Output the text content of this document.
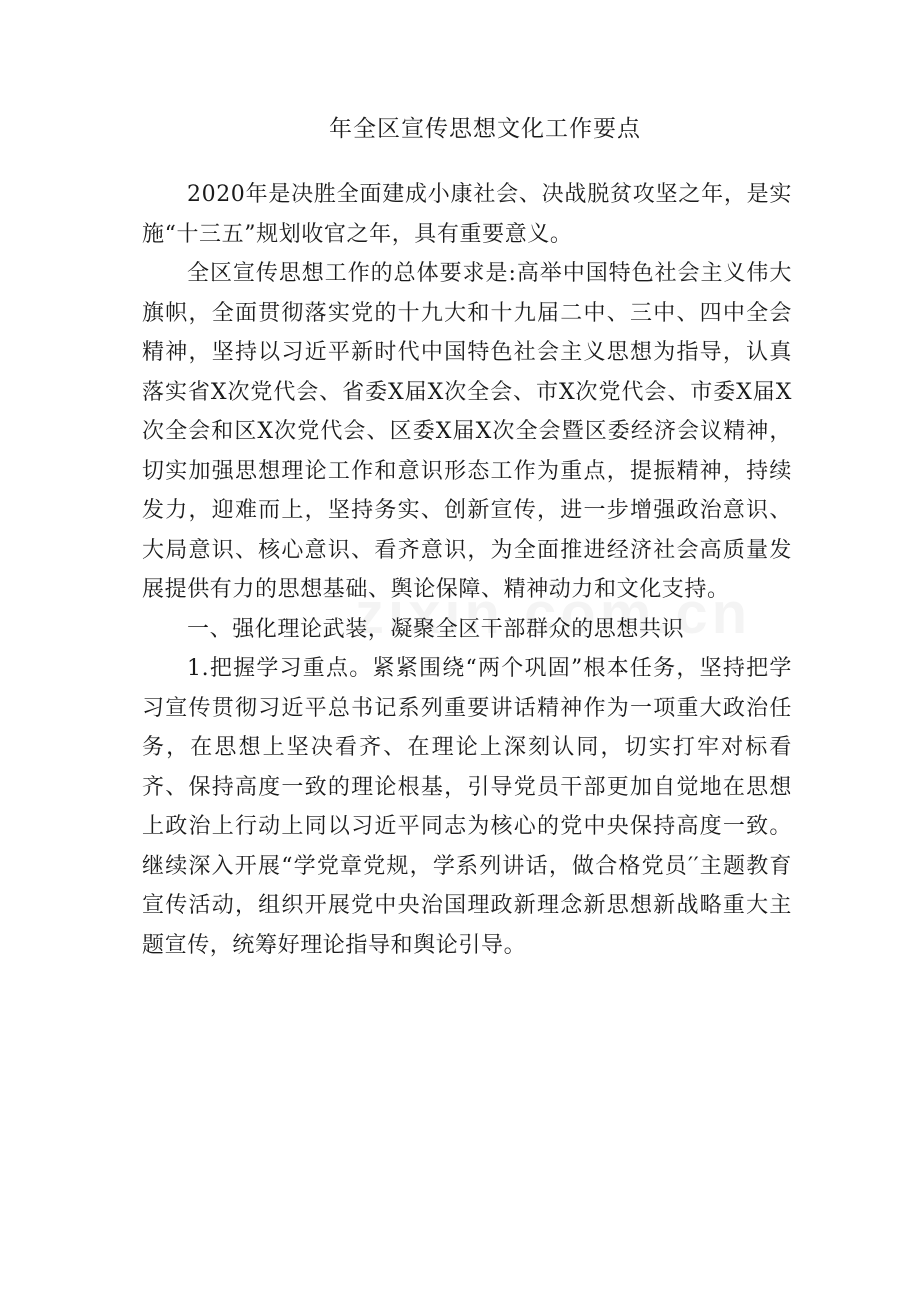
年全区宣传思想文化工作要点

2020年是决胜全面建成小康社会、决战脱贫攻坚之年，是实施“十三五”规划收官之年，具有重要意义。

全区宣传思想工作的总体要求是:高举中国特色社会主义伟大旗帜，全面贯彻落实党的十九大和十九届二中、三中、四中全会精神，坚持以习近平新时代中国特色社会主义思想为指导，认真落实省Ⅹ次党代会、省委Ⅹ届Ⅹ次全会、市Ⅹ次党代会、市委Ⅹ届Ⅹ次全会和区Ⅹ次党代会、区委Ⅹ届Ⅹ次全会暨区委经济会议精神，切实加强思想理论工作和意识形态工作为重点，提振精神，持续发力，迎难而上，坚持务实、创新宣传，进一步增强政治意识、大局意识、核心意识、看齐意识，为全面推进经济社会高质量发展提供有力的思想基础、舆论保障、精神动力和文化支持。

一、强化理论武装，凝聚全区干部群众的思想共识

1.把握学习重点。紧紧围绕“两个巩固”根本任务，坚持把学习宣传贯彻习近平总书记系列重要讲话精神作为一项重大政治任务，在思想上坚决看齐、在理论上深刻认同，切实打牢对标看齐、保持高度一致的理论根基，引导党员干部更加自觉地在思想上政治上行动上同以习近平同志为核心的党中央保持高度一致。继续深入开展“学党章党规，学系列讲话，做合格党员′′主题教育宣传活动，组织开展党中央治国理政新理念新思想新战略重大主题宣传，统筹好理论指导和舆论引导。
